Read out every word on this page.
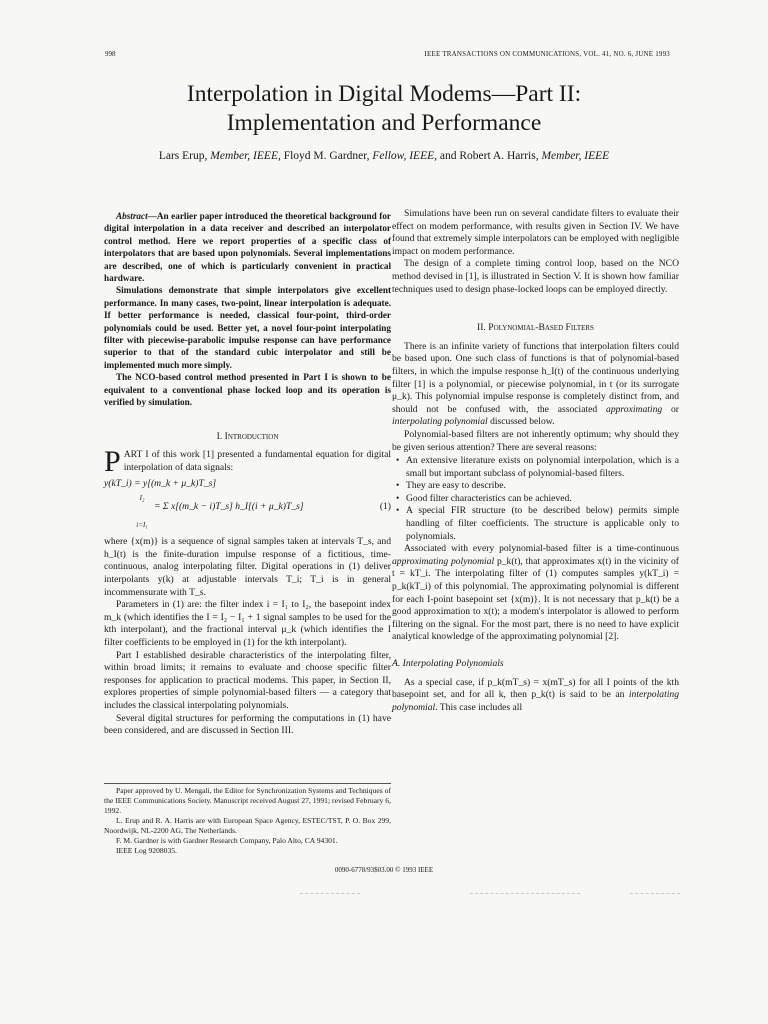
998	IEEE TRANSACTIONS ON COMMUNICATIONS, VOL. 41, NO. 6, JUNE 1993
Interpolation in Digital Modems—Part II:
Implementation and Performance
Lars Erup, Member, IEEE, Floyd M. Gardner, Fellow, IEEE, and Robert A. Harris, Member, IEEE

Abstract—An earlier paper introduced the theoretical background for digital interpolation in a data receiver and described an interpolator control method. Here we report properties of a specific class of interpolators that are based upon polynomials. Several implementations are described, one of which is particularly convenient in practical hardware.

Simulations demonstrate that simple interpolators give excellent performance. In many cases, two-point, linear interpolation is adequate. If better performance is needed, classical four-point, third-order polynomials could be used. Better yet, a novel four-point interpolating filter with piecewise-parabolic impulse response can have performance superior to that of the standard cubic interpolator and still be implemented much more simply.

The NCO-based control method presented in Part I is shown to be equivalent to a conventional phase locked loop and its operation is verified by simulation.

I. Introduction

PART I of this work [1] presented a fundamental equation for digital interpolation of data signals:

y(kT_i) = y[(m_k + μ_k)T_s]
I₂
i=I₁
= Σ x[(m_k − i)T_s] h_I[(i + μ_k)T_s]	(1)

where {x(m)} is a sequence of signal samples taken at intervals T_s, and h_I(t) is the finite-duration impulse response of a fictitious, time-continuous, analog interpolating filter. Digital operations in (1) deliver interpolants y(k) at adjustable intervals T_i; T_i is in general incommensurate with T_s.

Parameters in (1) are: the filter index i = I₁ to I₂, the basepoint index m_k (which identifies the I = I₂ − I₁ + 1 signal samples to be used for the kth interpolant), and the fractional interval μ_k (which identifies the I filter coefficients to be employed in (1) for the kth interpolant).

Part I established desirable characteristics of the interpolating filter, within broad limits; it remains to evaluate and choose specific filter responses for application to practical modems. This paper, in Section II, explores properties of simple polynomial-based filters — a category that includes the classical interpolating polynomials.

Several digital structures for performing the computations in (1) have been considered, and are discussed in Section III.

Paper approved by U. Mengali, the Editor for Synchronization Systems and Techniques of the IEEE Communications Society. Manuscript received August 27, 1991; revised February 6, 1992.

L. Erup and R. A. Harris are with European Space Agency, ESTEC/TST, P. O. Box 299, Noordwijk, NL-2200 AG, The Netherlands.

F. M. Gardner is with Gardner Research Company, Palo Alto, CA 94301.

IEEE Log 9208035.

Simulations have been run on several candidate filters to evaluate their effect on modem performance, with results given in Section IV. We have found that extremely simple interpolators can be employed with negligible impact on modem performance.

The design of a complete timing control loop, based on the NCO method devised in [1], is illustrated in Section V. It is shown how familiar techniques used to design phase-locked loops can be employed directly.

II. Polynomial-Based Filters

There is an infinite variety of functions that interpolation filters could be based upon. One such class of functions is that of polynomial-based filters, in which the impulse response h_I(t) of the continuous underlying filter [1] is a polynomial, or piecewise polynomial, in t (or its surrogate μ_k). This polynomial impulse response is completely distinct from, and should not be confused with, the associated approximating or interpolating polynomial discussed below.

Polynomial-based filters are not inherently optimum; why should they be given serious attention? There are several reasons:

• An extensive literature exists on polynomial interpolation, which is a small but important subclass of polynomial-based filters.
• They are easy to describe.
• Good filter characteristics can be achieved.
• A special FIR structure (to be described below) permits simple handling of filter coefficients. The structure is applicable only to polynomials.

Associated with every polynomial-based filter is a time-continuous approximating polynomial p_k(t), that approximates x(t) in the vicinity of t = kT_i. The interpolating filter of (1) computes samples y(kT_i) = p_k(kT_i) of this polynomial. The approximating polynomial is different for each I-point basepoint set {x(m)}. It is not necessary that p_k(t) be a good approximation to x(t); a modem's interpolator is allowed to perform filtering on the signal. For the most part, there is no need to have explicit analytical knowledge of the approximating polynomial [2].

A. Interpolating Polynomials

As a special case, if p_k(mT_s) = x(mT_s) for all I points of the kth basepoint set, and for all k, then p_k(t) is said to be an interpolating polynomial. This case includes all

0090-6778/93$03.00 © 1993 IEEE
